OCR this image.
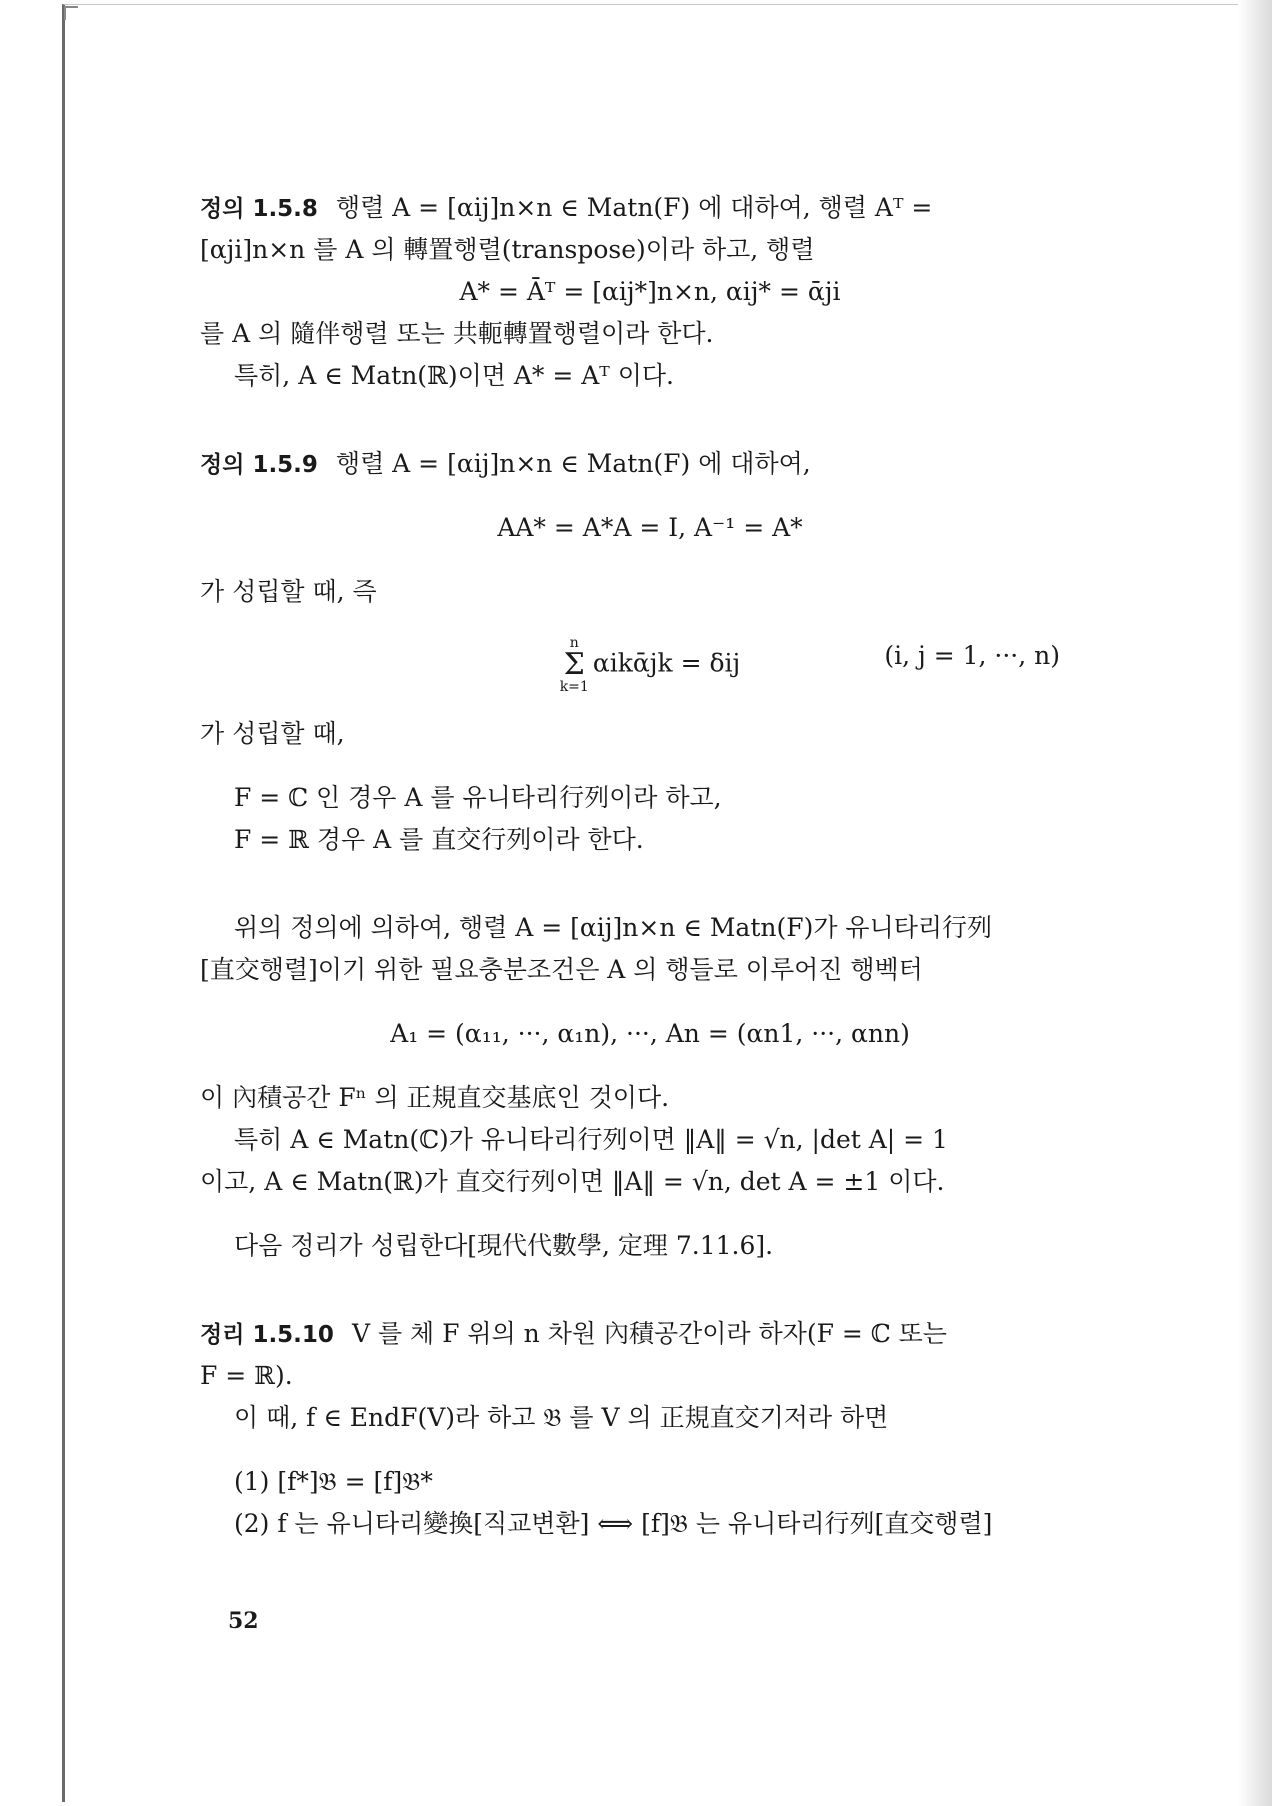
정의 1.5.8 행렬 A = [αij]n×n ∈ Matn(F) 에 대하여, 행렬 Aᵀ =
[αji]n×n 를 A 의 轉置행렬(transpose)이라 하고, 행렬
A* = Āᵀ = [αij*]n×n, αij* = ᾱji
를 A 의 隨伴행렬 또는 共軛轉置행렬이라 한다.
특히, A ∈ Matn(ℝ)이면 A* = Aᵀ 이다.
정의 1.5.9 행렬 A = [αij]n×n ∈ Matn(F) 에 대하여,
AA* = A*A = I, A⁻¹ = A*
가 성립할 때, 즉
n
Σ
k=1αikᾱjk = δij	(i, j = 1, ···, n)
가 성립할 때,
F = ℂ 인 경우 A 를 유니타리行列이라 하고,
F = ℝ 경우 A 를 直交行列이라 한다.
위의 정의에 의하여, 행렬 A = [αij]n×n ∈ Matn(F)가 유니타리行列
[直交행렬]이기 위한 필요충분조건은 A 의 행들로 이루어진 행벡터
A₁ = (α₁₁, ···, α₁n), ···, An = (αn1, ···, αnn)
이 內積공간 Fⁿ 의 正規直交基底인 것이다.
특히 A ∈ Matn(ℂ)가 유니타리行列이면 ‖A‖ = √n, |det A| = 1
이고, A ∈ Matn(ℝ)가 直交行列이면 ‖A‖ = √n, det A = ±1 이다.
다음 정리가 성립한다[現代代數學, 定理 7.11.6].
정리 1.5.10 V 를 체 F 위의 n 차원 內積공간이라 하자(F = ℂ 또는
F = ℝ).
이 때, f ∈ EndF(V)라 하고 𝔅 를 V 의 正規直交기저라 하면
(1) [f*]𝔅 = [f]𝔅*
(2) f 는 유니타리變換[직교변환] ⟺ [f]𝔅 는 유니타리行列[直交행렬]
52
